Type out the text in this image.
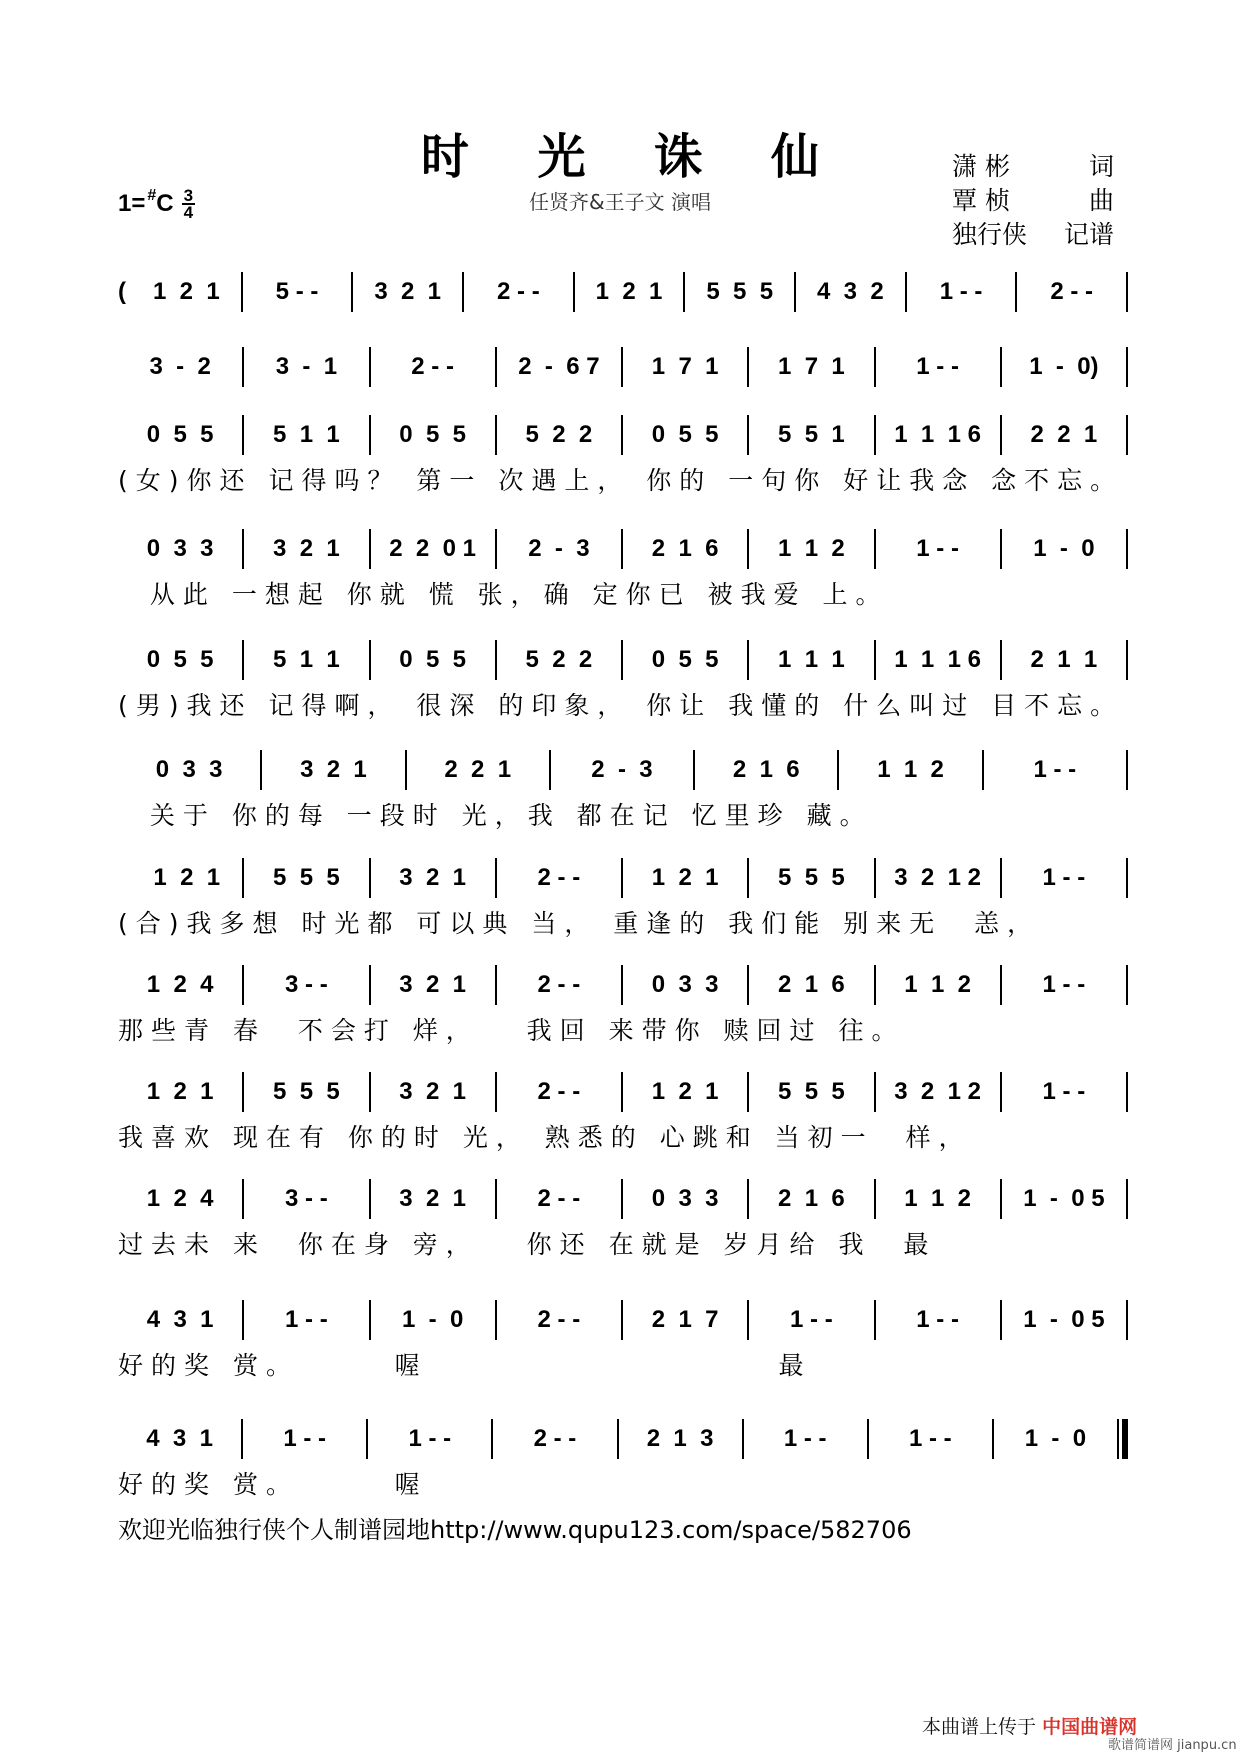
时 光 诛 仙
任贤齐&王子文 演唱
1= # C $\frac{3}{4}$
潇 彬	词
覃 桢	曲
独行侠 记谱
(	1  2  1	5 - -	3  2  1	2 - -	1  2  1	5  5  5	4  3  2	1 - -	2 - -
3  -  2	3  -  1	2 - -	2  -  6 7	1  7  1	1  7  1	1 - -	1  -  0)
0  5  5	5  1  1	0  5  5	5  2  2	0  5  5	5  5  1	1  1  1 6	2  2  1
(女)你还 记得吗？ 第一 次遇上， 你的 一句你 好让我念 念不忘。
0  3  3	3  2  1	2  2  0 1	2  -  3	2  1  6	1  1  2	1 - -	1  -  0
从此 一想起 你就 慌 张，确 定你已 被我爱 上。
0  5  5	5  1  1	0  5  5	5  2  2	0  5  5	1  1  1	1  1  1 6	2  1  1
(男)我还 记得啊， 很深 的印象， 你让 我懂的 什么叫过 目不忘。
0  3  3	3  2  1	2  2  1	2  -  3	2  1  6	1  1  2	1 - -
关于 你的每 一段时 光，我 都在记 忆里珍 藏。
1  2  1	5  5  5	3  2  1	2 - -	1  2  1	5  5  5	3  2  1 2	1 - -
(合)我多想 时光都 可以典 当， 重逢的 我们能 别来无  恙，
1  2  4	3 - -	3  2  1	2 - -	0  3  3	2  1  6	1  1  2	1 - -
那些青 春  不会打 烊，   我回 来带你 赎回过 往。
1  2  1	5  5  5	3  2  1	2 - -	1  2  1	5  5  5	3  2  1 2	1 - -
我喜欢 现在有 你的时 光， 熟悉的 心跳和 当初一  样，
1  2  4	3 - -	3  2  1	2 - -	0  3  3	2  1  6	1  1  2	1  -  0 5
过去未 来  你在身 旁，   你还 在就是 岁月给 我  最
4  3  1	1 - -	1  -  0	2 - -	2  1  7	1 - -	1 - -	1  -  0 5
好的奖 赏。      喔                      最
4  3  1	1 - -	1 - -	2 - -	2  1  3	1 - -	1 - -	1  -  0
好的奖 赏。      喔
欢迎光临独行侠个人制谱园地http://www.qupu123.com/space/582706
本曲谱上传于 中国曲谱网
歌谱简谱网 jianpu.cn
